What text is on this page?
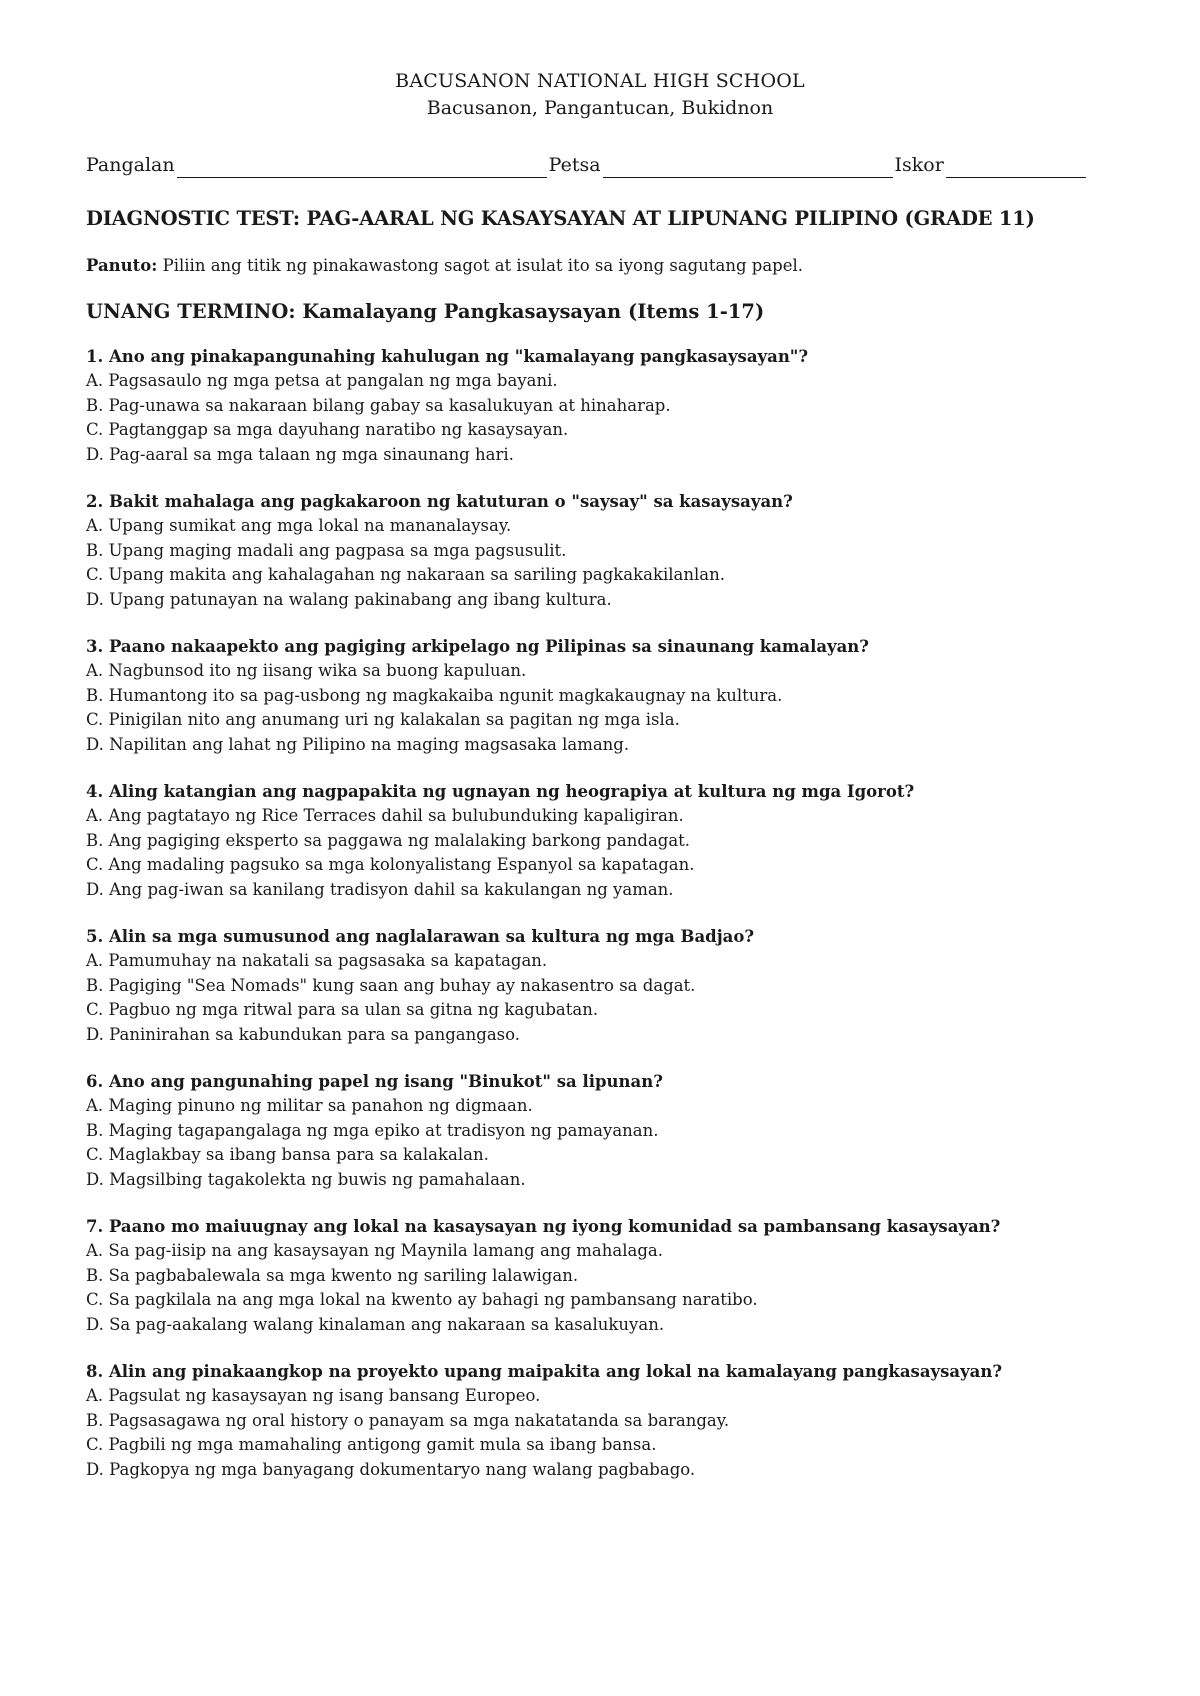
BACUSANON NATIONAL HIGH SCHOOL

Bacusanon, Pangantucan, Bukidnon

Pangalan	Petsa	Iskor
DIAGNOSTIC TEST: PAG-AARAL NG KASAYSAYAN AT LIPUNANG PILIPINO (GRADE 11)
Panuto: Piliin ang titik ng pinakawastong sagot at isulat ito sa iyong sagutang papel.
UNANG TERMINO: Kamalayang Pangkasaysayan (Items 1-17)
1. Ano ang pinakapangunahing kahulugan ng "kamalayang pangkasaysayan"?
A. Pagsasaulo ng mga petsa at pangalan ng mga bayani.
B. Pag-unawa sa nakaraan bilang gabay sa kasalukuyan at hinaharap.
C. Pagtanggap sa mga dayuhang naratibo ng kasaysayan.
D. Pag-aaral sa mga talaan ng mga sinaunang hari.
2. Bakit mahalaga ang pagkakaroon ng katuturan o "saysay" sa kasaysayan?
A. Upang sumikat ang mga lokal na mananalaysay.
B. Upang maging madali ang pagpasa sa mga pagsusulit.
C. Upang makita ang kahalagahan ng nakaraan sa sariling pagkakakilanlan.
D. Upang patunayan na walang pakinabang ang ibang kultura.
3. Paano nakaapekto ang pagiging arkipelago ng Pilipinas sa sinaunang kamalayan?
A. Nagbunsod ito ng iisang wika sa buong kapuluan.
B. Humantong ito sa pag-usbong ng magkakaiba ngunit magkakaugnay na kultura.
C. Pinigilan nito ang anumang uri ng kalakalan sa pagitan ng mga isla.
D. Napilitan ang lahat ng Pilipino na maging magsasaka lamang.
4. Aling katangian ang nagpapakita ng ugnayan ng heograpiya at kultura ng mga Igorot?
A. Ang pagtatayo ng Rice Terraces dahil sa bulubunduking kapaligiran.
B. Ang pagiging eksperto sa paggawa ng malalaking barkong pandagat.
C. Ang madaling pagsuko sa mga kolonyalistang Espanyol sa kapatagan.
D. Ang pag-iwan sa kanilang tradisyon dahil sa kakulangan ng yaman.
5. Alin sa mga sumusunod ang naglalarawan sa kultura ng mga Badjao?
A. Pamumuhay na nakatali sa pagsasaka sa kapatagan.
B. Pagiging "Sea Nomads" kung saan ang buhay ay nakasentro sa dagat.
C. Pagbuo ng mga ritwal para sa ulan sa gitna ng kagubatan.
D. Paninirahan sa kabundukan para sa pangangaso.
6. Ano ang pangunahing papel ng isang "Binukot" sa lipunan?
A. Maging pinuno ng militar sa panahon ng digmaan.
B. Maging tagapangalaga ng mga epiko at tradisyon ng pamayanan.
C. Maglakbay sa ibang bansa para sa kalakalan.
D. Magsilbing tagakolekta ng buwis ng pamahalaan.
7. Paano mo maiuugnay ang lokal na kasaysayan ng iyong komunidad sa pambansang kasaysayan?
A. Sa pag-iisip na ang kasaysayan ng Maynila lamang ang mahalaga.
B. Sa pagbabalewala sa mga kwento ng sariling lalawigan.
C. Sa pagkilala na ang mga lokal na kwento ay bahagi ng pambansang naratibo.
D. Sa pag-aakalang walang kinalaman ang nakaraan sa kasalukuyan.
8. Alin ang pinakaangkop na proyekto upang maipakita ang lokal na kamalayang pangkasaysayan?
A. Pagsulat ng kasaysayan ng isang bansang Europeo.
B. Pagsasagawa ng oral history o panayam sa mga nakatatanda sa barangay.
C. Pagbili ng mga mamahaling antigong gamit mula sa ibang bansa.
D. Pagkopya ng mga banyagang dokumentaryo nang walang pagbabago.
